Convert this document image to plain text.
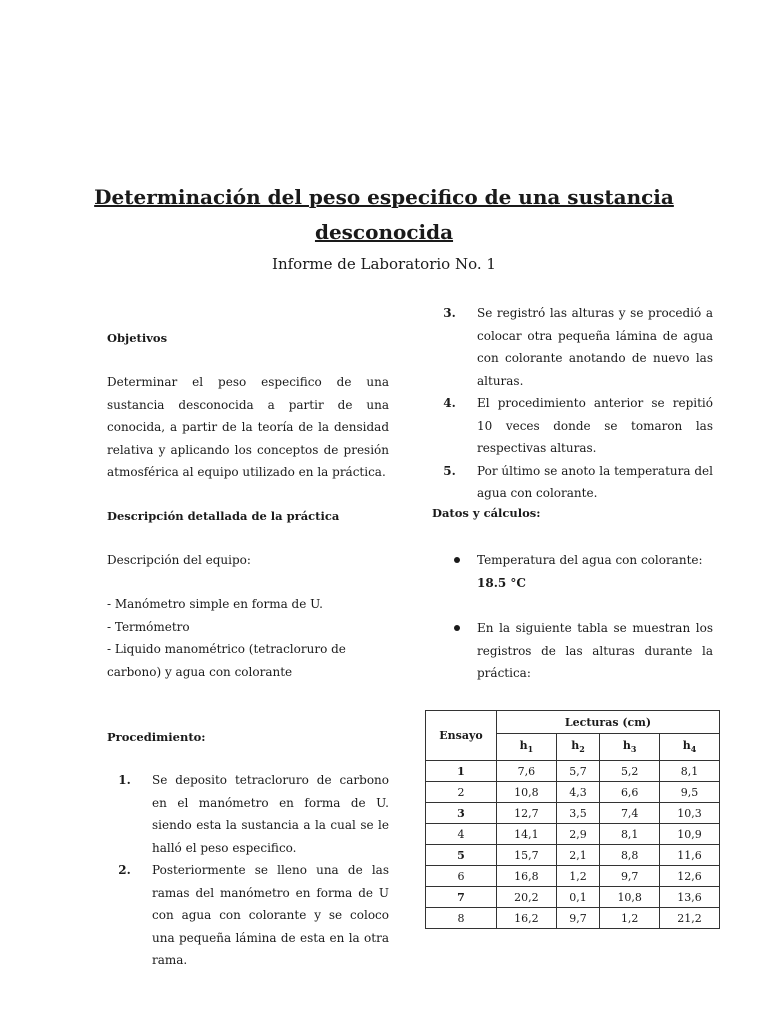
Determinación del peso especifico de una sustancia
desconocida
Informe de Laboratorio No. 1
Objetivos
Determinar el peso especifico de una sustancia desconocida a partir de una conocida, a partir de la teoría de la densidad relativa y aplicando los conceptos de presión atmosférica al equipo utilizado en la práctica.
Descripción detallada de la práctica
Descripción del equipo:
- Manómetro simple en forma de U.
- Termómetro
- Liquido manométrico (tetracloruro de carbono) y agua con colorante
Procedimiento:
1.	Se deposito tetracloruro de carbono en el manómetro en forma de U. siendo esta la sustancia a la cual se le halló el peso especifico.
2.	Posteriormente se lleno una de las ramas del manómetro en forma de U con agua con colorante y se coloco una pequeña lámina de esta en la otra rama.
3.	Se registró las alturas y se procedió a colocar otra pequeña lámina de agua con colorante anotando de nuevo las alturas.
4.	El procedimiento anterior se repitió 10 veces donde se tomaron las respectivas alturas.
5.	Por último se anoto la temperatura del agua con colorante.
Datos y cálculos:
Temperatura del agua con colorante:
18.5 °C
En la siguiente tabla se muestran los registros de las alturas durante la práctica:
Ensayo	Lecturas (cm)			
	$h_1$	$h_2$	$h_3$	$h_4$
1	7,6	5,7	5,2	8,1
2	10,8	4,3	6,6	9,5
3	12,7	3,5	7,4	10,3
4	14,1	2,9	8,1	10,9
5	15,7	2,1	8,8	11,6
6	16,8	1,2	9,7	12,6
7	20,2	0,1	10,8	13,6
8	16,2	9,7	1,2	21,2
